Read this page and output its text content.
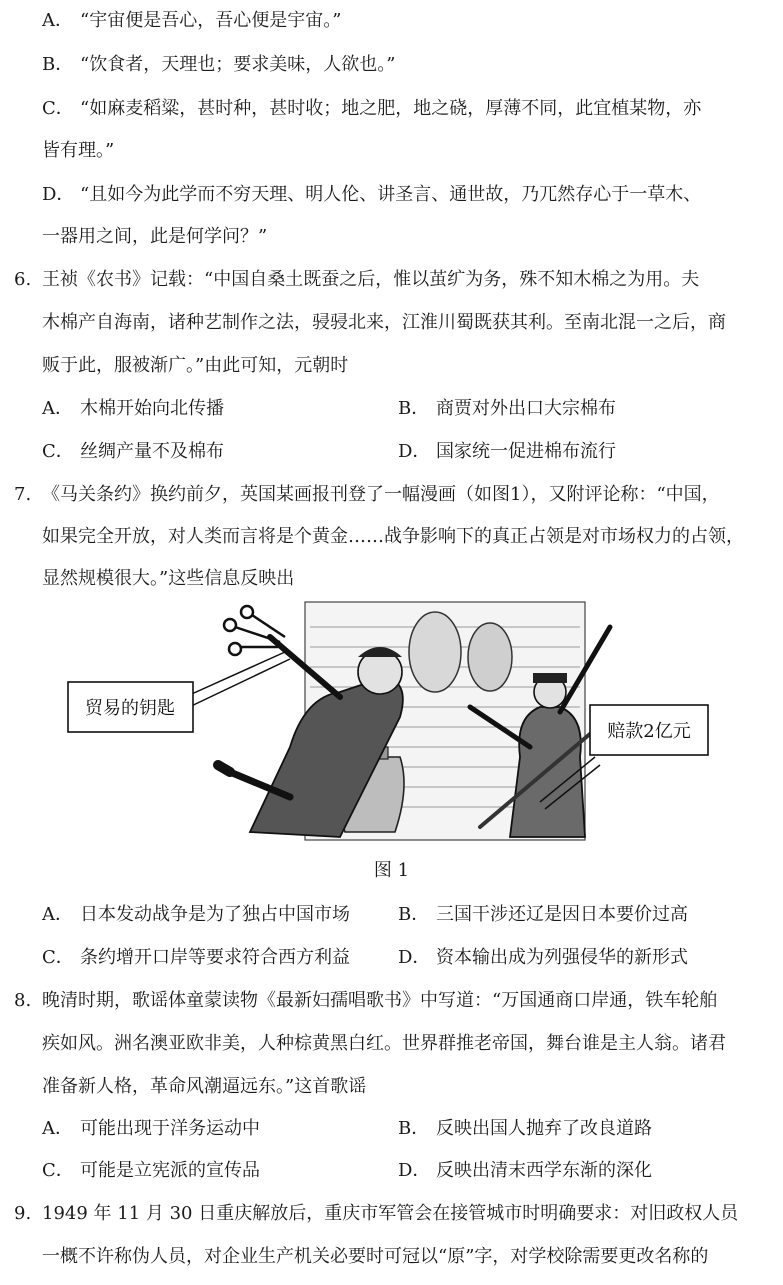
A． “宇宙便是吾心，吾心便是宇宙。”
B． “饮食者，天理也；要求美味，人欲也。”
C． “如麻麦稻粱，甚时种，甚时收；地之肥，地之硗，厚薄不同，此宜植某物，亦
皆有理。”
D． “且如今为此学而不穷天理、明人伦、讲圣言、通世故，乃兀然存心于一草木、
一器用之间，此是何学问？”
6. 王祯《农书》记载：“中国自桑土既蚕之后，惟以茧纩为务，殊不知木棉之为用。夫
木棉产自海南，诸种艺制作之法，骎骎北来，江淮川蜀既获其利。至南北混一之后，商
贩于此，服被渐广。”由此可知，元朝时
A． 木棉开始向北传播	B． 商贾对外出口大宗棉布
C． 丝绸产量不及棉布	D． 国家统一促进棉布流行
7. 《马关条约》换约前夕，英国某画报刊登了一幅漫画（如图1），又附评论称：“中国，
如果完全开放，对人类而言将是个黄金……战争影响下的真正占领是对市场权力的占领，
显然规模很大。”这些信息反映出
贸易的钥匙
赔款2亿元
图 1
A． 日本发动战争是为了独占中国市场	B． 三国干涉还辽是因日本要价过高
C． 条约增开口岸等要求符合西方利益	D． 资本输出成为列强侵华的新形式
8. 晚清时期，歌谣体童蒙读物《最新妇孺唱歌书》中写道：“万国通商口岸通，铁车轮舶
疾如风。洲名澳亚欧非美，人种棕黄黑白红。世界群推老帝国，舞台谁是主人翁。诸君
准备新人格，革命风潮逼远东。”这首歌谣
A． 可能出现于洋务运动中	B． 反映出国人抛弃了改良道路
C． 可能是立宪派的宣传品	D． 反映出清末西学东渐的深化
9. 1949 年 11 月 30 日重庆解放后，重庆市军管会在接管城市时明确要求：对旧政权人员
一概不许称伪人员，对企业生产机关必要时可冠以“原”字，对学校除需要更改名称的
